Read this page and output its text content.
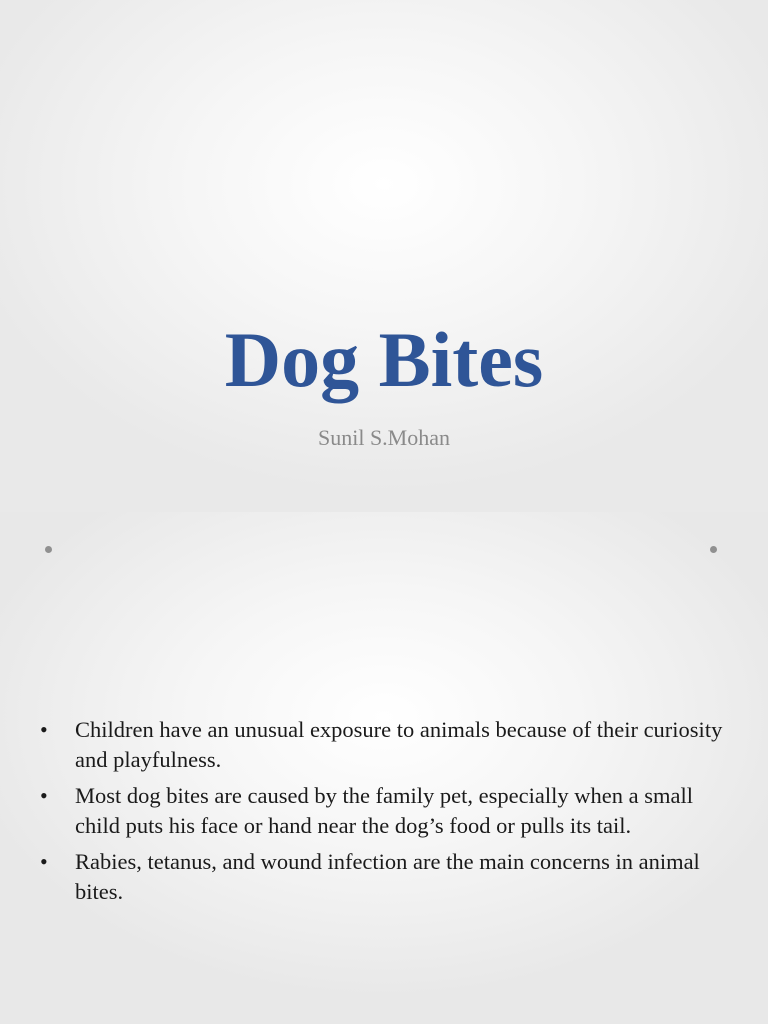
Dog Bites

Sunil S.Mohan

• Children have an unusual exposure to animals because of their curiosity and playfulness.
• Most dog bites are caused by the family pet, especially when a small child puts his face or hand near the dog’s food or pulls its tail.
• Rabies, tetanus, and wound infection are the main concerns in animal bites.
